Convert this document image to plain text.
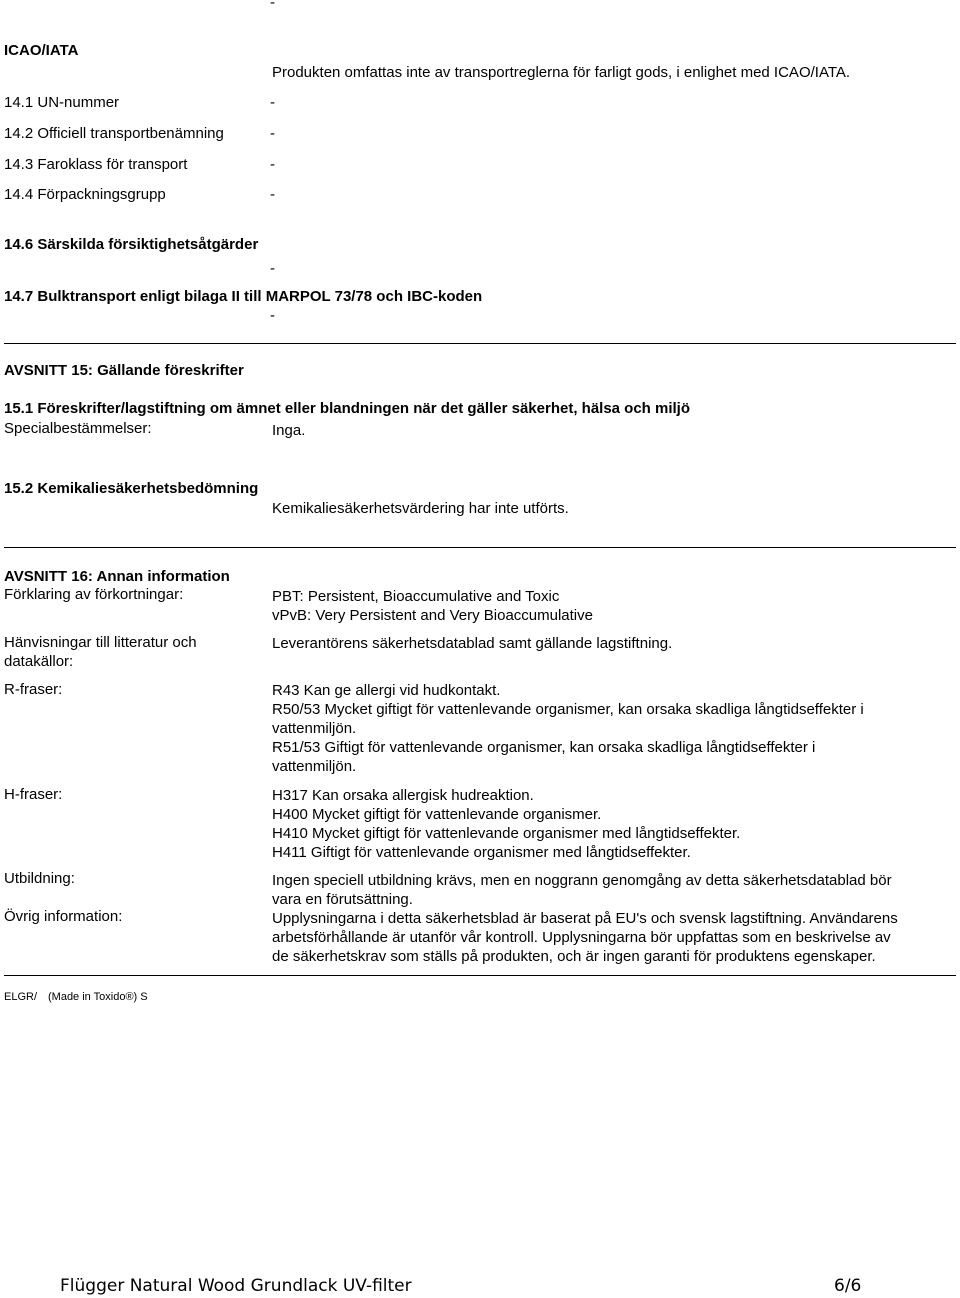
-
ICAO/IATA
Produkten omfattas inte av transportreglerna för farligt gods, i enlighet med ICAO/IATA.
14.1 UN-nummer	-
14.2 Officiell transportbenämning	-
14.3 Faroklass för transport	-
14.4 Förpackningsgrupp	-
14.6 Särskilda försiktighetsåtgärder
-
14.7 Bulktransport enligt bilaga II till MARPOL 73/78 och IBC-koden
-
AVSNITT 15: Gällande föreskrifter
15.1 Föreskrifter/lagstiftning om ämnet eller blandningen när det gäller säkerhet, hälsa och miljö
Specialbestämmelser:	Inga.
15.2 Kemikaliesäkerhetsbedömning
Kemikaliesäkerhetsvärdering har inte utförts.
AVSNITT 16: Annan information
Förklaring av förkortningar:	PBT: Persistent, Bioaccumulative and Toxic
vPvB: Very Persistent and Very Bioaccumulative
Hänvisningar till litteratur och
datakällor:
Leverantörens säkerhetsdatablad samt gällande lagstiftning.
R-fraser:	R43 Kan ge allergi vid hudkontakt.
R50/53 Mycket giftigt för vattenlevande organismer, kan orsaka skadliga långtidseffekter i
vattenmiljön.
R51/53 Giftigt för vattenlevande organismer, kan orsaka skadliga långtidseffekter i
vattenmiljön.
H-fraser:	H317 Kan orsaka allergisk hudreaktion.
H400 Mycket giftigt för vattenlevande organismer.
H410 Mycket giftigt för vattenlevande organismer med långtidseffekter.
H411 Giftigt för vattenlevande organismer med långtidseffekter.
Utbildning:	Ingen speciell utbildning krävs, men en noggrann genomgång av detta säkerhetsdatablad bör
vara en förutsättning.
Övrig information:	Upplysningarna i detta säkerhetsblad är baserat på EU's och svensk lagstiftning. Användarens
arbetsförhållande är utanför vår kontroll. Upplysningarna bör uppfattas som en beskrivelse av
de säkerhetskrav som ställs på produkten, och är ingen garanti för produktens egenskaper.
ELGR/ (Made in Toxido®) S
Flügger Natural Wood Grundlack UV-filter	6/6
